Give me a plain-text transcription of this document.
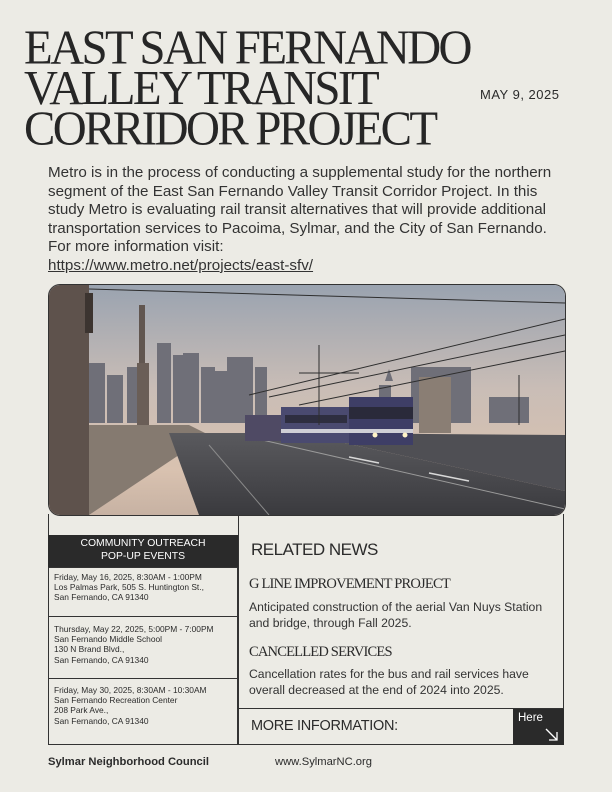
EAST SAN FERNANDO
VALLEY TRANSIT
CORRIDOR PROJECT
MAY 9, 2025
Metro is in the process of conducting a supplemental study for the northern segment of the East San Fernando Valley Transit Corridor Project. In this study Metro is evaluating rail transit alternatives that will provide additional transportation services to Pacoima, Sylmar, and the City of San Fernando. For more information visit:
https://www.metro.net/projects/east-sfv/
COMMUNITY OUTREACH
POP-UP EVENTS
Friday, May 16, 2025, 8:30AM - 1:00PM
Los Palmas Park, 505 S. Huntington St.,
San Fernando, CA 91340
Thursday, May 22, 2025, 5:00PM - 7:00PM
San Fernando Middle School
130 N Brand Blvd.,
San Fernando, CA 91340
Friday, May 30, 2025, 8:30AM - 10:30AM
San Fernando Recreation Center
208 Park Ave.,
San Fernando, CA 91340
RELATED NEWS
G LINE IMPROVEMENT PROJECT
Anticipated construction of the aerial Van Nuys Station and bridge, through Fall 2025.
CANCELLED SERVICES
Cancellation rates for the bus and rail services have overall decreased at the end of 2024 into 2025.
MORE INFORMATION:	Here
Sylmar Neighborhood Council	www.SylmarNC.org
